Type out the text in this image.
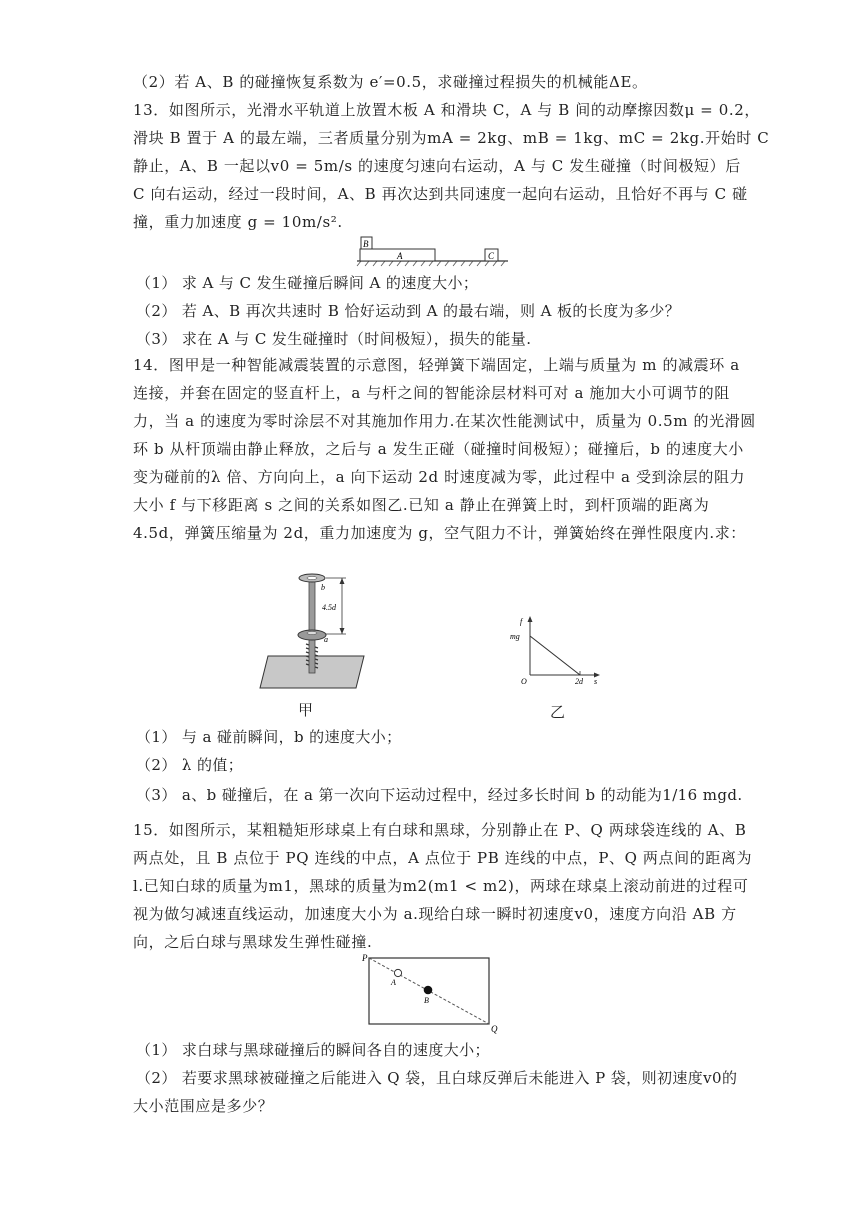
（2）若 A、B 的碰撞恢复系数为 e′=0.5，求碰撞过程损失的机械能ΔE。
13．如图所示，光滑水平轨道上放置木板 A 和滑块 C，A 与 B 间的动摩擦因数μ = 0.2，
滑块 B 置于 A 的最左端，三者质量分别为mA = 2kg、mB = 1kg、mC = 2kg.开始时 C
静止，A、B 一起以v0 = 5m/s 的速度匀速向右运动，A 与 C 发生碰撞（时间极短）后
C 向右运动，经过一段时间，A、B 再次达到共同速度一起向右运动，且恰好不再与 C 碰
撞，重力加速度 g = 10m/s².
B
A	C
（1） 求 A 与 C 发生碰撞后瞬间 A 的速度大小；
（2） 若 A、B 再次共速时 B 恰好运动到 A 的最右端，则 A 板的长度为多少？
（3） 求在 A 与 C 发生碰撞时（时间极短），损失的能量.
14．图甲是一种智能减震装置的示意图，轻弹簧下端固定，上端与质量为 m 的减震环 a
连接，并套在固定的竖直杆上，a 与杆之间的智能涂层材料可对 a 施加大小可调节的阻
力，当 a 的速度为零时涂层不对其施加作用力.在某次性能测试中，质量为 0.5m 的光滑圆
环 b 从杆顶端由静止释放，之后与 a 发生正碰（碰撞时间极短）；碰撞后，b 的速度大小
变为碰前的λ 倍、方向向上，a 向下运动 2d 时速度减为零，此过程中 a 受到涂层的阻力
大小 f 与下移距离 s 之间的关系如图乙.已知 a 静止在弹簧上时，到杆顶端的距离为
4.5d，弹簧压缩量为 2d，重力加速度为 g，空气阻力不计，弹簧始终在弹性限度内.求：
b
4.5d
a
甲
f
mg
O	2d s
乙
（1） 与 a 碰前瞬间，b 的速度大小；
（2） λ 的值；
（3） a、b 碰撞后，在 a 第一次向下运动过程中，经过多长时间 b 的动能为1/16 mgd.
15．如图所示，某粗糙矩形球桌上有白球和黑球，分别静止在 P、Q 两球袋连线的 A、B
两点处，且 B 点位于 PQ 连线的中点，A 点位于 PB 连线的中点，P、Q 两点间的距离为
l.已知白球的质量为m1，黑球的质量为m2(m1 < m2)，两球在球桌上滚动前进的过程可
视为做匀减速直线运动，加速度大小为 a.现给白球一瞬时初速度v0，速度方向沿 AB 方
向，之后白球与黑球发生弹性碰撞.
P
A
B
Q
（1） 求白球与黑球碰撞后的瞬间各自的速度大小；
（2） 若要求黑球被碰撞之后能进入 Q 袋，且白球反弹后未能进入 P 袋，则初速度v0的
大小范围应是多少？
